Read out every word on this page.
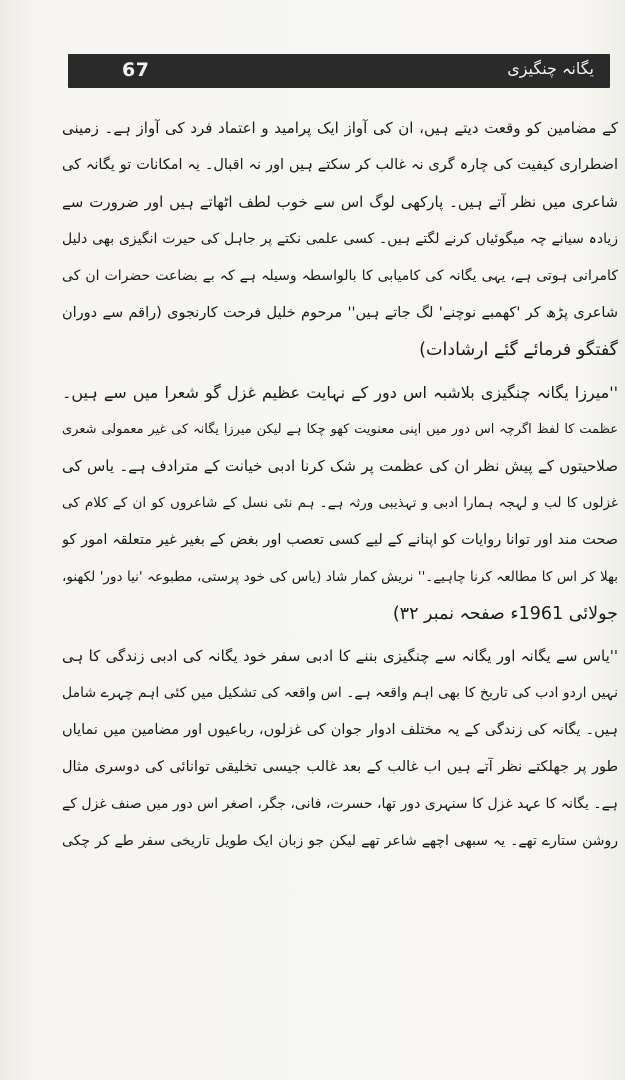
67	یگانہ چنگیزی
کے مضامین کو وقعت دیتے ہیں، ان کی آواز ایک پرامید و اعتماد فرد کی آواز ہے۔ زمینی
اضطراری کیفیت کی چارہ گری نہ غالب کر سکتے ہیں اور نہ اقبال۔ یہ امکانات تو یگانہ کی
شاعری میں نظر آتے ہیں۔ پارکھی لوگ اس سے خوب لطف اٹھاتے ہیں اور ضرورت سے
زیادہ سیانے چہ میگوئیاں کرنے لگتے ہیں۔ کسی علمی نکتے پر جاہل کی حیرت انگیزی بھی دلیل
کامرانی ہوتی ہے، یہی یگانہ کی کامیابی کا بالواسطہ وسیلہ ہے کہ بے بضاعت حضرات ان کی
شاعری پڑھ کر 'کھمبے نوچنے' لگ جاتے ہیں'' مرحوم خلیل فرحت کارنجوی (راقم سے دوران
گفتگو فرمائے گئے ارشادات)
''میرزا یگانہ چنگیزی بلاشبہ اس دور کے نہایت عظیم غزل گو شعرا میں سے ہیں۔
عظمت کا لفظ اگرچہ اس دور میں اپنی معنویت کھو چکا ہے لیکن میرزا یگانہ کی غیر معمولی شعری
صلاحیتوں کے پیش نظر ان کی عظمت پر شک کرنا ادبی خیانت کے مترادف ہے۔ یاس کی
غزلوں کا لب و لہجہ ہمارا ادبی و تہذیبی ورثہ ہے۔ ہم نئی نسل کے شاعروں کو ان کے کلام کی
صحت مند اور توانا روایات کو اپنانے کے لیے کسی تعصب اور بغض کے بغیر غیر متعلقہ امور کو
بھلا کر اس کا مطالعہ کرنا چاہیے۔'' نریش کمار شاد (یاس کی خود پرستی، مطبوعہ 'نیا دور' لکھنو،
جولائی 1961ء صفحہ نمبر ۳۲)
''یاس سے یگانہ اور یگانہ سے چنگیزی بننے کا ادبی سفر خود یگانہ کی ادبی زندگی کا ہی
نہیں اردو ادب کی تاریخ کا بھی اہم واقعہ ہے۔ اس واقعہ کی تشکیل میں کئی اہم چہرے شامل
ہیں۔ یگانہ کی زندگی کے یہ مختلف ادوار جوان کی غزلوں، رباعیوں اور مضامین میں نمایاں
طور پر جھلکتے نظر آتے ہیں اب غالب کے بعد غالب جیسی تخلیقی توانائی کی دوسری مثال
ہے۔ یگانہ کا عہد غزل کا سنہری دور تھا، حسرت، فانی، جگر، اصغر اس دور میں صنف غزل کے
روشن ستارے تھے۔ یہ سبھی اچھے شاعر تھے لیکن جو زبان ایک طویل تاریخی سفر طے کر چکی
